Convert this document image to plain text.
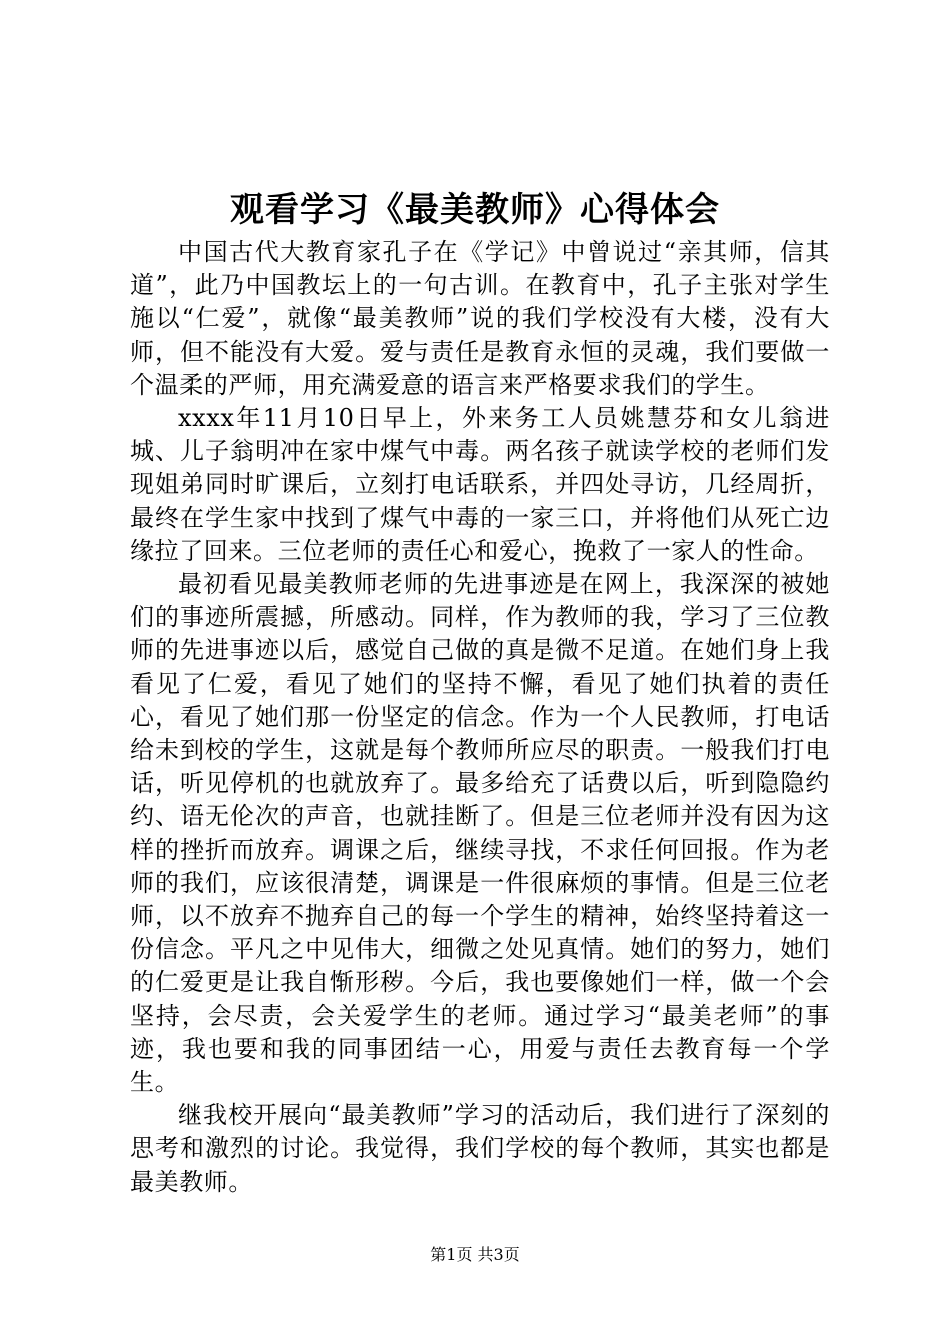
观看学习《最美教师》心得体会

中国古代大教育家孔子在《学记》中曾说过“亲其师，信其道”，此乃中国教坛上的一句古训。在教育中，孔子主张对学生施以“仁爱”，就像“最美教师”说的我们学校没有大楼，没有大师，但不能没有大爱。爱与责任是教育永恒的灵魂，我们要做一个温柔的严师，用充满爱意的语言来严格要求我们的学生。

xxxx年11月10日早上，外来务工人员姚慧芬和女儿翁进城、儿子翁明冲在家中煤气中毒。两名孩子就读学校的老师们发现姐弟同时旷课后，立刻打电话联系，并四处寻访，几经周折，最终在学生家中找到了煤气中毒的一家三口，并将他们从死亡边缘拉了回来。三位老师的责任心和爱心，挽救了一家人的性命。

最初看见最美教师老师的先进事迹是在网上，我深深的被她们的事迹所震撼，所感动。同样，作为教师的我，学习了三位教师的先进事迹以后，感觉自己做的真是微不足道。在她们身上我看见了仁爱，看见了她们的坚持不懈，看见了她们执着的责任心，看见了她们那一份坚定的信念。作为一个人民教师，打电话给未到校的学生，这就是每个教师所应尽的职责。一般我们打电话，听见停机的也就放弃了。最多给充了话费以后，听到隐隐约约、语无伦次的声音，也就挂断了。但是三位老师并没有因为这样的挫折而放弃。调课之后，继续寻找，不求任何回报。作为老师的我们，应该很清楚，调课是一件很麻烦的事情。但是三位老师，以不放弃不抛弃自己的每一个学生的精神，始终坚持着这一份信念。平凡之中见伟大，细微之处见真情。她们的努力，她们的仁爱更是让我自惭形秽。今后，我也要像她们一样，做一个会坚持，会尽责，会关爱学生的老师。通过学习“最美老师”的事迹，我也要和我的同事团结一心，用爱与责任去教育每一个学生。

继我校开展向“最美教师”学习的活动后，我们进行了深刻的思考和激烈的讨论。我觉得，我们学校的每个教师，其实也都是最美教师。

第1页 共3页
